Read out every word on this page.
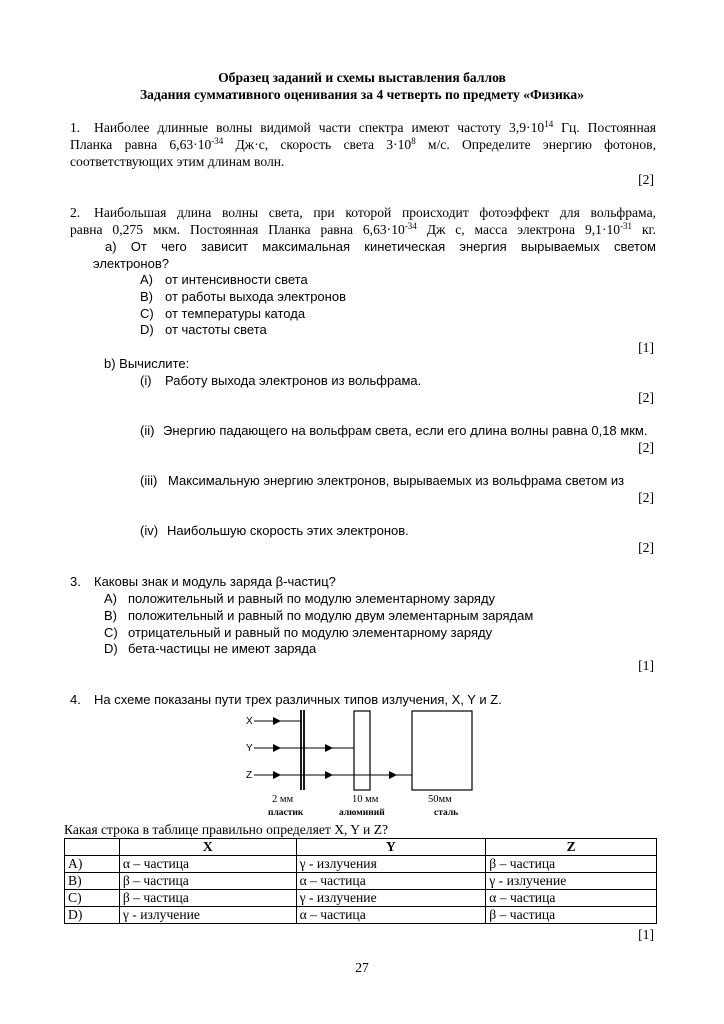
Образец заданий и схемы выставления баллов
Задания суммативного оценивания за 4 четверть по предмету «Физика»
1. Наиболее длинные волны видимой части спектра имеют частоту $3,9\cdot 10^{14}$ Гц. Постоянная
Планка равна $6,63\cdot 10^{-34}$ Дж·с, скорость света $3\cdot 10^8$ м/с. Определите энергию фотонов,
соответствующих этим длинам волн.
[2]
2. Наибольшая длина волны света, при которой происходит фотоэффект для вольфрама,
равна 0,275 мкм. Постоянная Планка равна $6,63\cdot 10^{-34}$ Дж с, масса электрона $9,1\cdot 10^{-31}$ кг.
a) От чего зависит максимальная кинетическая энергия вырываемых светом
электронов?
A) от интенсивности света
B) от работы выхода электронов
C) от температуры катода
D) от частоты света
[1]
b) Вычислите:
(i) Работу выхода электронов из вольфрама.
[2]
(ii) Энергию падающего на вольфрам света, если его длина волны равна 0,18 мкм.
[2]
(iii) Максимальную энергию электронов, вырываемых из вольфрама светом из
[2]
(iv) Наибольшую скорость этих электронов.
[2]
3. Каковы знак и модуль заряда β-частиц?
A) положительный и равный по модулю элементарному заряду
B) положительный и равный по модулю двум элементарным зарядам
C) отрицательный и равный по модулю элементарному заряду
D) бета-частицы не имеют заряда
[1]
4. На схеме показаны пути трех различных типов излучения, X, Y и Z.
X
Y
Z
2 мм	10 мм	50мм
пластик	алюминий	сталь
Какая строка в таблице правильно определяет X, Y и Z?
	X	Y	Z
A)	α – частица	γ - излучения	β – частица
B)	β – частица	α – частица	γ - излучение
C)	β – частица	γ - излучение	α – частица
D)	γ - излучение	α – частица	β – частица
[1]
27
